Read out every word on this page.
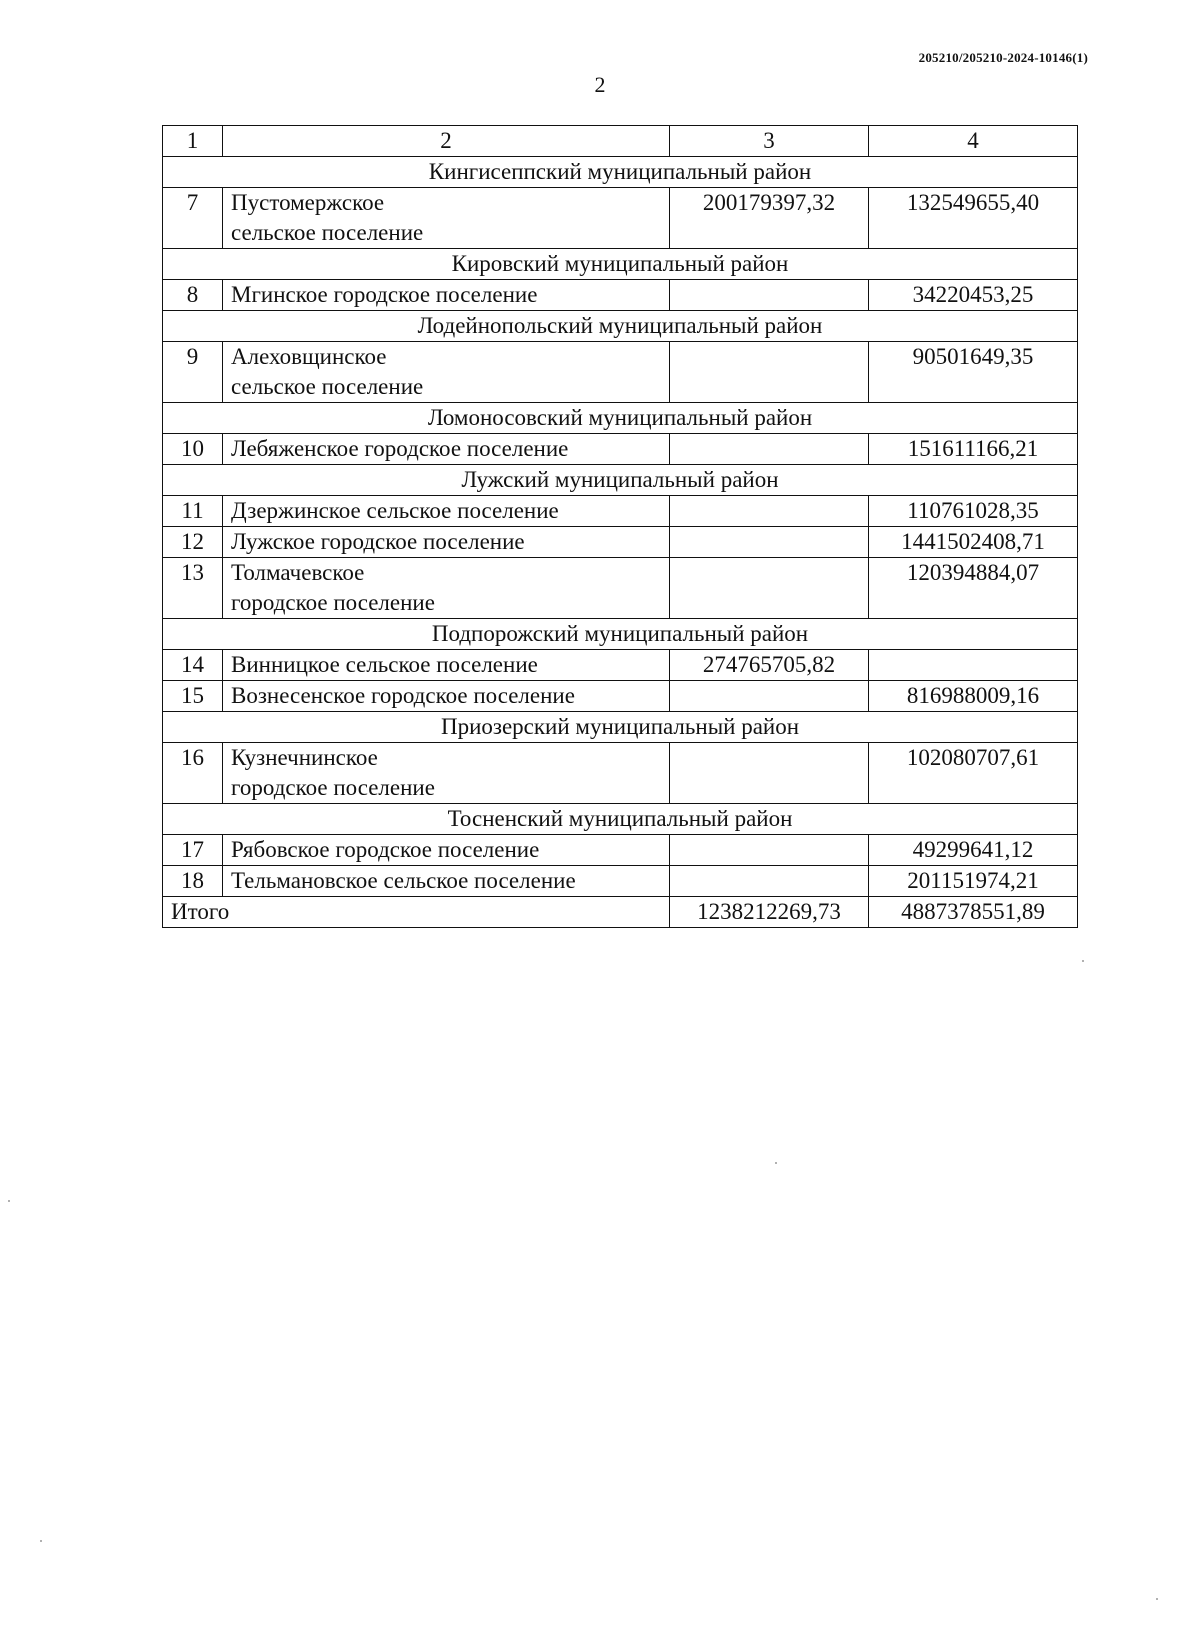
205210/205210-2024-10146(1)
2
1	2	3	4
Кингисеппский муниципальный район			
7	Пустомержское
сельское поселение	200179397,32	132549655,40
Кировский муниципальный район			
8	Мгинское городское поселение		34220453,25
Лодейнопольский муниципальный район			
9	Алеховщинское
сельское поселение		90501649,35
Ломоносовский муниципальный район			
10	Лебяженское городское поселение		151611166,21
Лужский муниципальный район			
11	Дзержинское сельское поселение		110761028,35
12	Лужское городское поселение		1441502408,71
13	Толмачевское
городское поселение		120394884,07
Подпорожский муниципальный район			
14	Винницкое сельское поселение	274765705,82	
15	Вознесенское городское поселение		816988009,16
Приозерский муниципальный район			
16	Кузнечнинское
городское поселение		102080707,61
Тосненский муниципальный район			
17	Рябовское городское поселение		49299641,12
18	Тельмановское сельское поселение		201151974,21
Итого		1238212269,73	4887378551,89
